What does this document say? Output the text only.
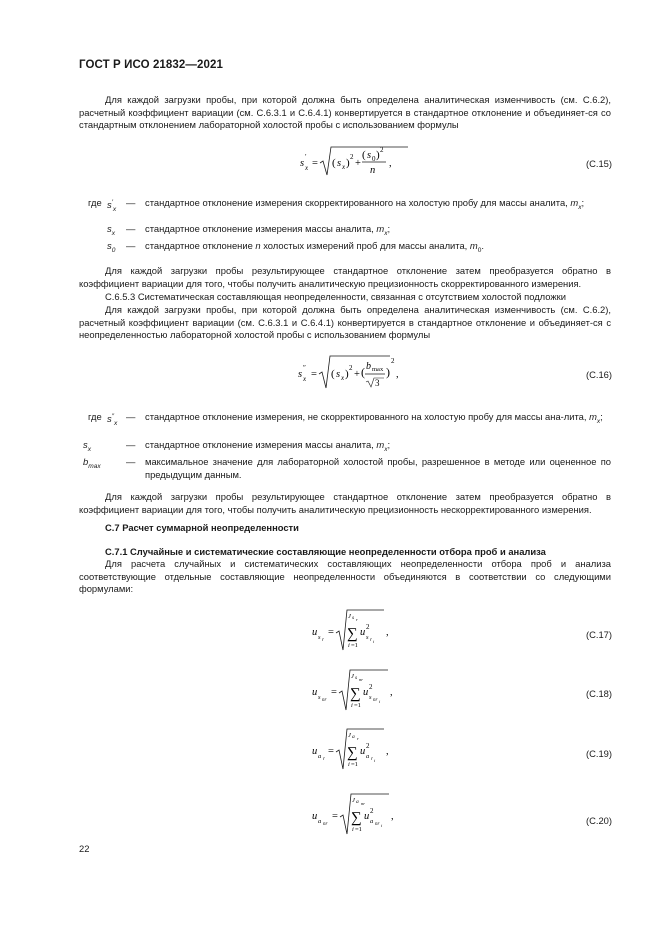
ГОСТ Р ИСО 21832—2021

Для каждой загрузки пробы, при которой должна быть определена аналитическая изменчивость (см. С.6.2), расчетный коэффициент вариации (см. С.6.3.1 и С.6.4.1) конвертируется в стандартное отклонение и объединяет-ся со стандартным отклонением лабораторной холостой пробы с использованием формулы

s x
′
= ( s x ) 2
+
( s 0 ) 2
n
,	(С.15)
где $s'_x$
— стандартное отклонение измерения скорректированного на холостую пробу для массы аналита, $m_x$;
$s_x$ — стандартное отклонение измерения массы аналита, $m_x$;
$s_0$ — стандартное отклонение n холостых измерений проб для массы аналита, $m_0$.

Для каждой загрузки пробы результирующее стандартное отклонение затем преобразуется обратно в коэффициент вариации для того, чтобы получить аналитическую прецизионность скорректированного измерения.

С.6.5.3 Систематическая составляющая неопределенности, связанная с отсутствием холостой подложки

Для каждой загрузки пробы, при которой должна быть определена аналитическая изменчивость (см. С.6.2), расчетный коэффициент вариации (см. С.6.3.1 и С.6.4.1) конвертируется в стандартное отклонение и объединяет-ся с неопределенностью лабораторной холостой пробы с использованием формулы

s x
″
= ( s x ) 2
+ ( b max
3
)
2
,	(С.16)
где $s''_x$
— стандартное отклонение измерения, не скорректированного на холостую пробу для массы ана-лита, $m_x$;
$s_x$	— стандартное отклонение измерения массы аналита, $m_x$;
$b_{max}$	— максимальное значение для лабораторной холостой пробы, разрешенное в методе или оцененное по предыдущим данным.

Для каждой загрузки пробы результирующее стандартное отклонение затем преобразуется обратно в коэффициент вариации для того, чтобы получить аналитическую прецизионность нескорректированного измерения.

С.7 Расчет суммарной неопределенности

С.7.1 Случайные и систематические составляющие неопределенности отбора проб и анализа

Для расчета случайных и систематических составляющих неопределенности отбора проб и анализа соответствующие отдельные составляющие неопределенности объединяются в соответствии со следующими формулами:

u s r
=
J s r
∑
i =1
u 2
s r i
,	(С.17)
u s nr
=
J s nr
∑
i =1
u 2
s nr i
,	(С.18)
u a r
=
J a r
∑
i =1
u 2
a r i
,	(С.19)
u a nr
=
J a nr
∑
i =1
u 2
a nr i
,	(С.20)
22
